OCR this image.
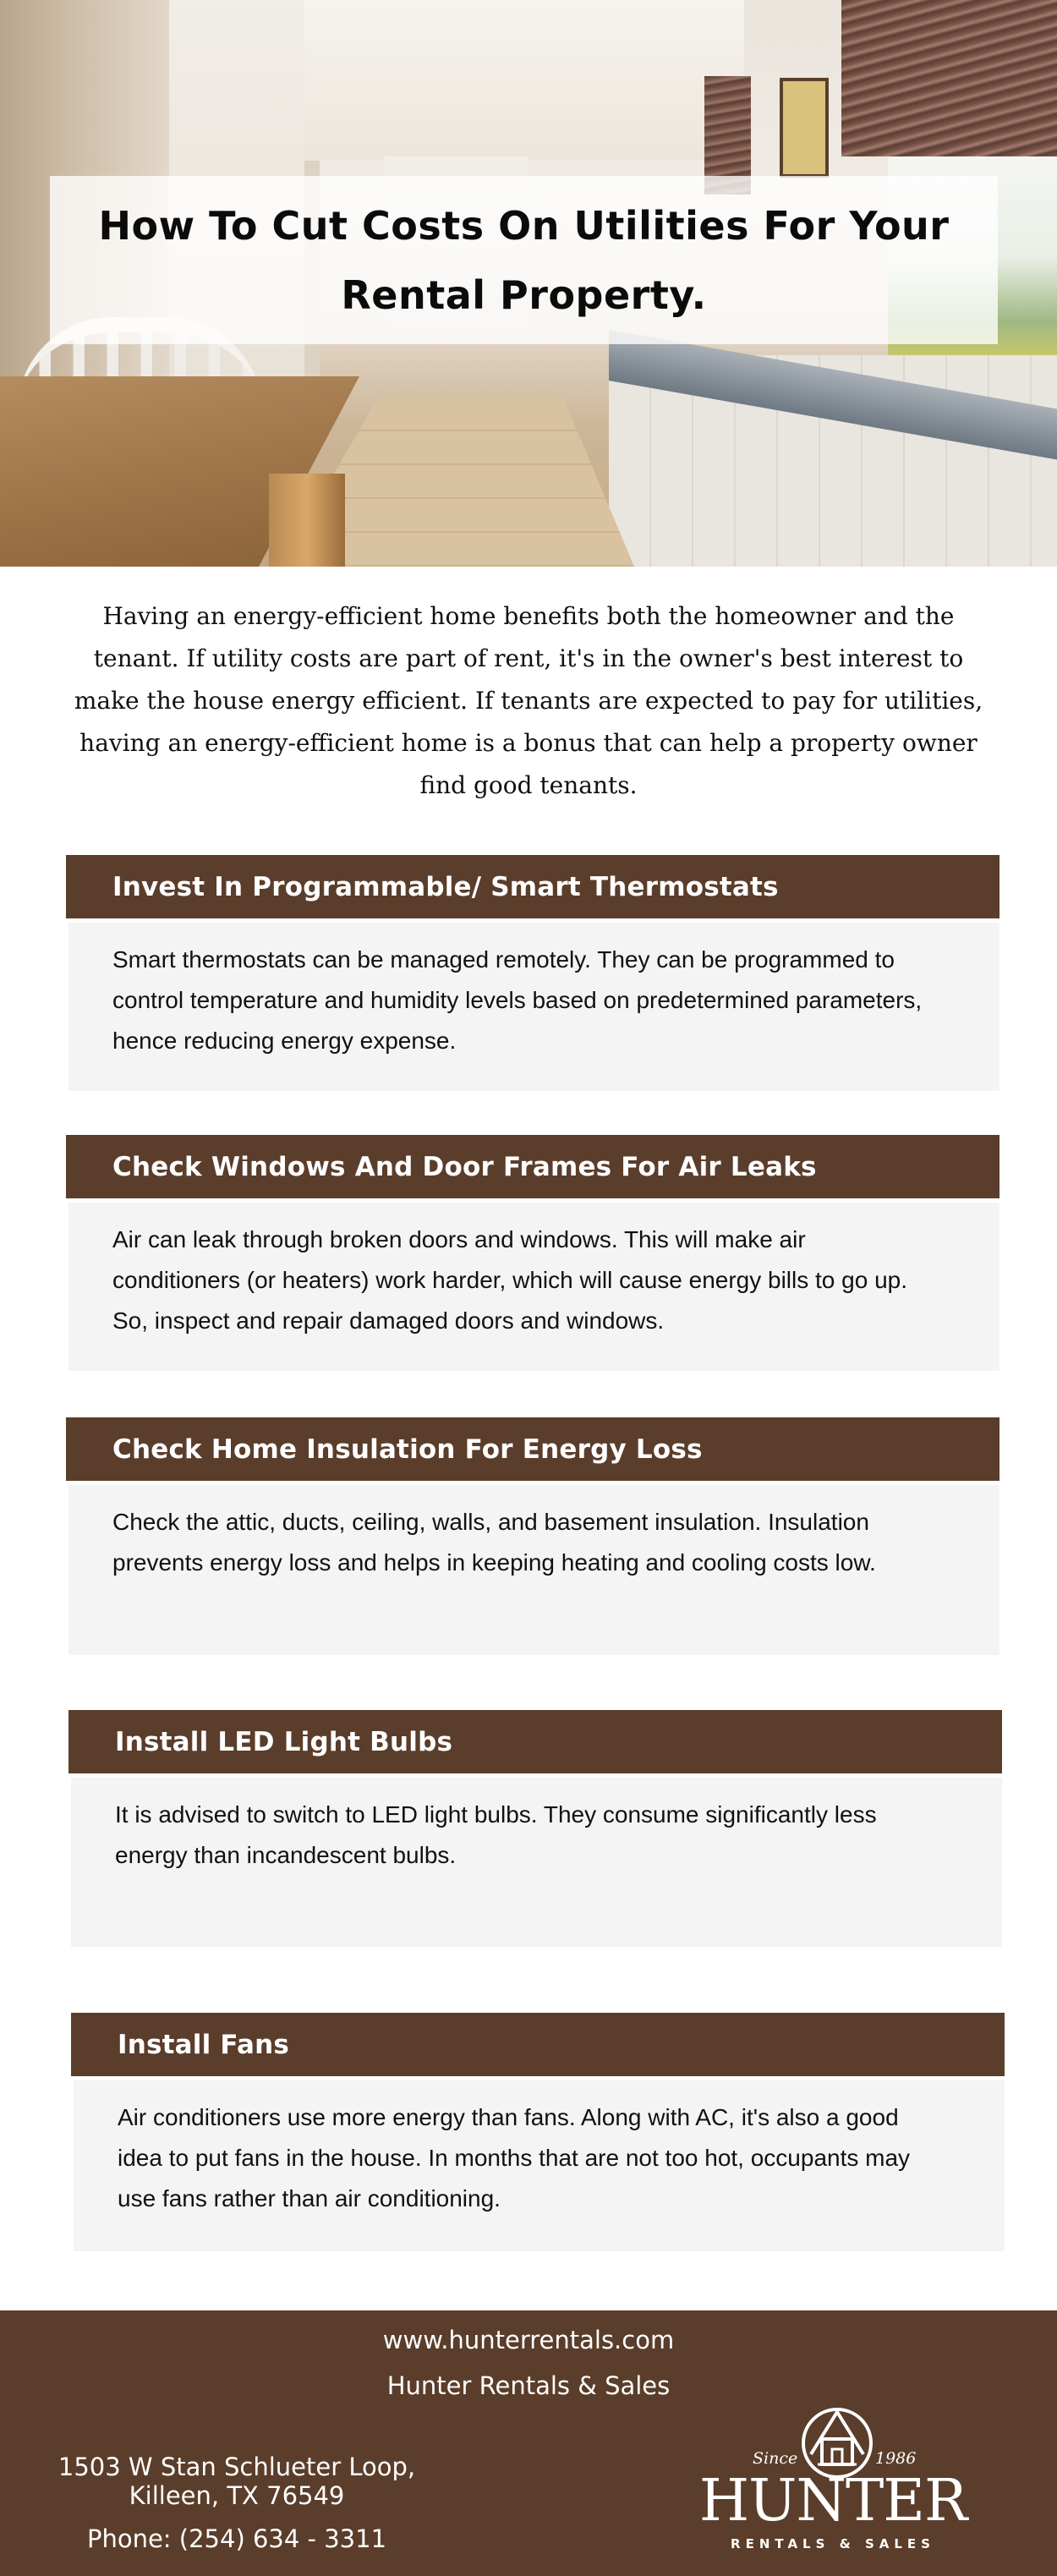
How To Cut Costs On Utilities For Your Rental Property.

Having an energy-efficient home benefits both the homeowner and the tenant. If utility costs are part of rent, it's in the owner's best interest to make the house energy efficient. If tenants are expected to pay for utilities, having an energy-efficient home is a bonus that can help a property owner find good tenants.

Invest In Programmable/ Smart Thermostats

Smart thermostats can be managed remotely. They can be programmed to control temperature and humidity levels based on predetermined parameters, hence reducing energy expense.

Check Windows And Door Frames For Air Leaks

Air can leak through broken doors and windows. This will make air conditioners (or heaters) work harder, which will cause energy bills to go up. So, inspect and repair damaged doors and windows.

Check Home Insulation For Energy Loss

Check the attic, ducts, ceiling, walls, and basement insulation. Insulation prevents energy loss and helps in keeping heating and cooling costs low.

Install LED Light Bulbs

It is advised to switch to LED light bulbs. They consume significantly less energy than incandescent bulbs.

Install Fans

Air conditioners use more energy than fans. Along with AC, it's also a good idea to put fans in the house. In months that are not too hot, occupants may use fans rather than air conditioning.

www.hunterrentals.com
Hunter Rentals & Sales
1503 W Stan Schlueter Loop,
Killeen, TX 76549
Phone: (254) 634 - 3311
Since	1986
HUNTER
RENTALS & SALES
